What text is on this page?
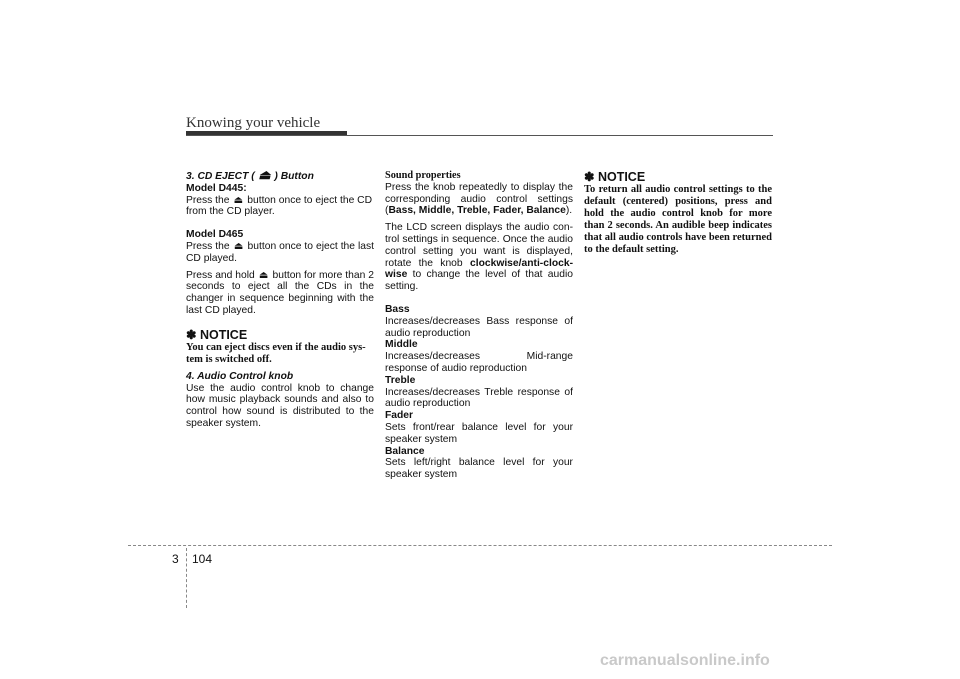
Knowing your vehicle

3. CD EJECT ( ⏏ ) Button

Model D445:

Press the ⏏ button once to eject the CD from the CD player.

Model D465

Press the ⏏ button once to eject the last CD played.

Press and hold ⏏ button for more than 2 seconds to eject all the CDs in the changer in sequence beginning with the last CD played.

✽ NOTICE

You can eject discs even if the audio sys- tem is switched off.

4. Audio Control knob

Use the audio control knob to change how music playback sounds and also to control how sound is distributed to the speaker system.

Sound properties

Press the knob repeatedly to display the corresponding audio control settings (Bass, Middle, Treble, Fader, Balance).

The LCD screen displays the audio con- trol settings in sequence. Once the audio control setting you want is displayed, rotate the knob clockwise/anti-clock- wise to change the level of that audio setting.

Bass

Increases/decreases Bass response of audio reproduction

Middle

Increases/decreases Mid-range response of audio reproduction

Treble

Increases/decreases Treble response of audio reproduction

Fader

Sets front/rear balance level for your speaker system

Balance

Sets left/right balance level for your speaker system

✽ NOTICE

To return all audio control settings to the default (centered) positions, press and hold the audio control knob for more than 2 seconds. An audible beep indicates that all audio controls have been returned to the default setting.

3 104
carmanualsonline.info
